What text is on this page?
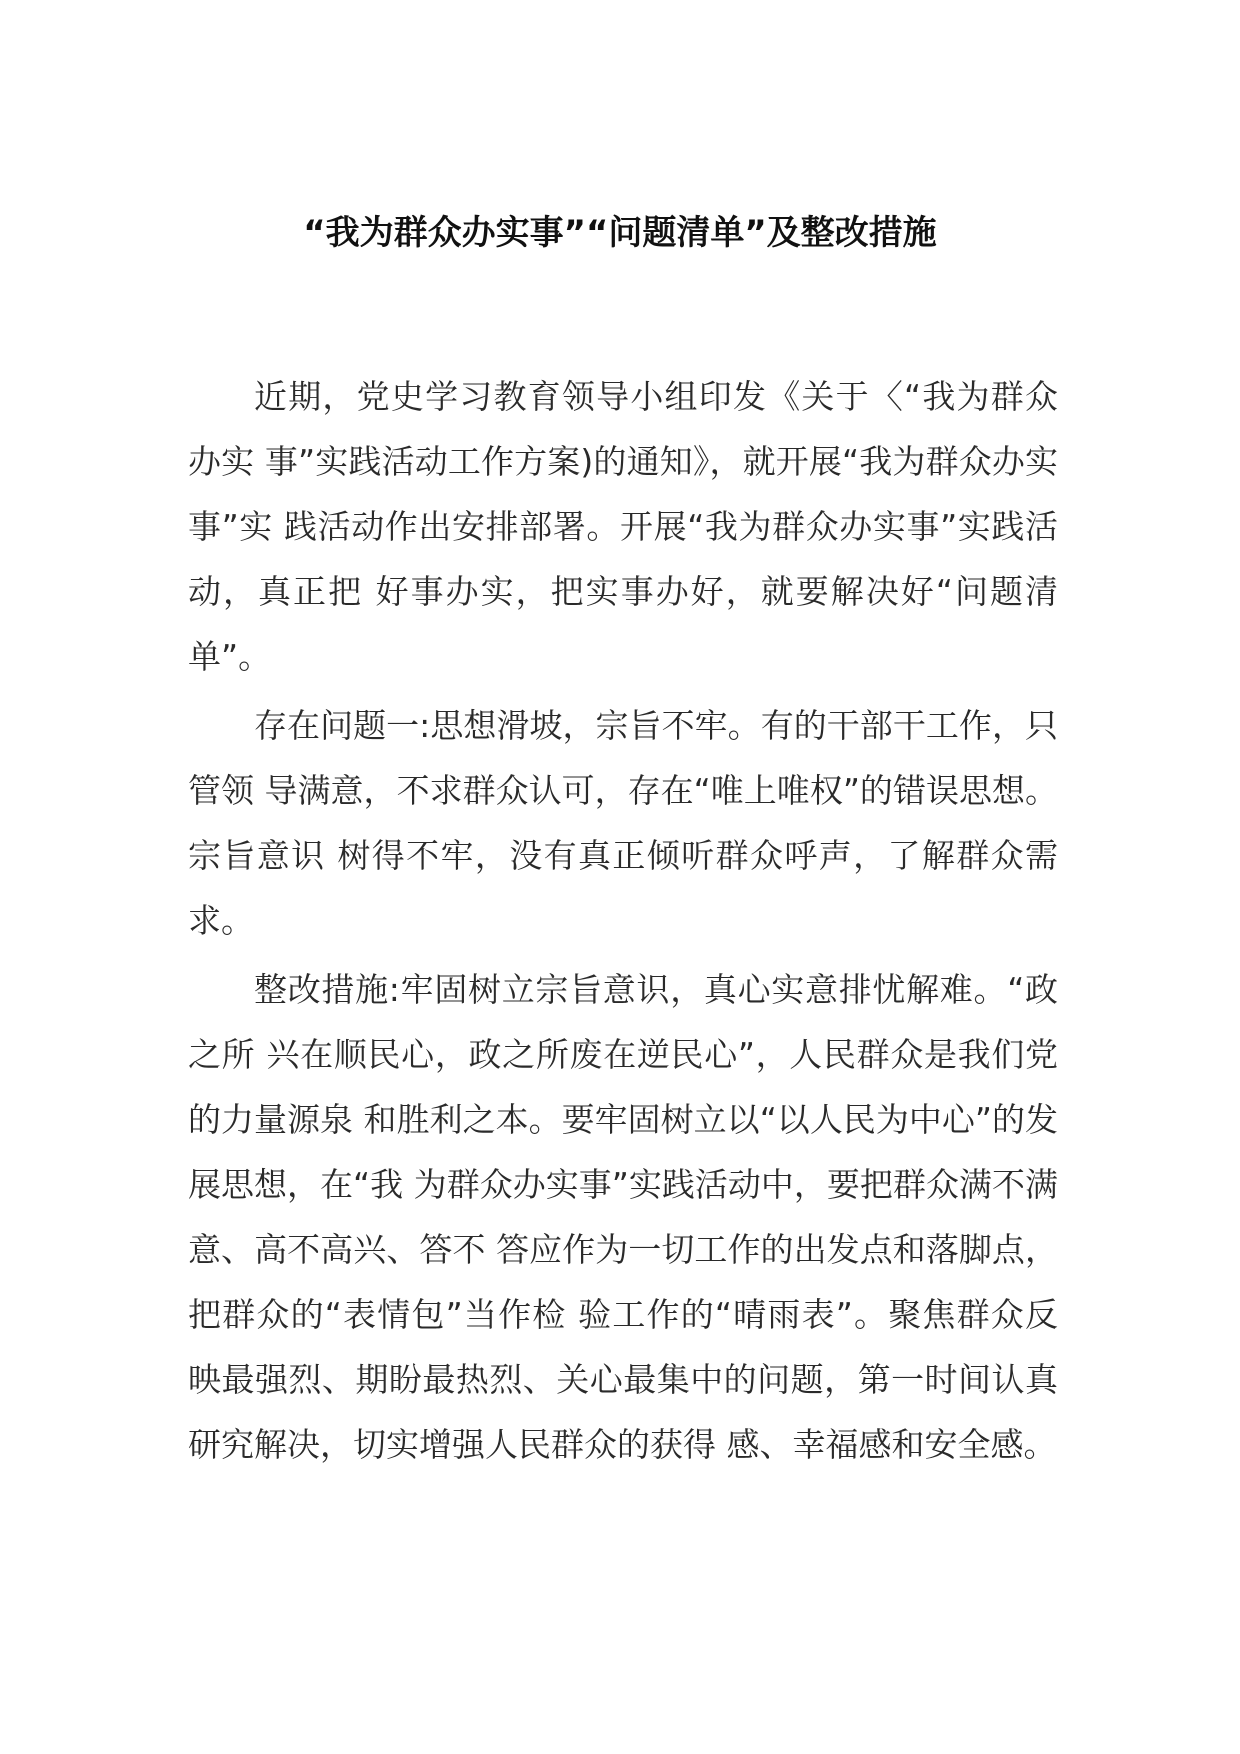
“我为群众办实事”“问题清单”及整改措施

近期，党史学习教育领导小组印发《关于〈“我为群众办实 事”实践活动工作方案)的通知》，就开展“我为群众办实事”实 践活动作出安排部署。开展“我为群众办实事”实践活动，真正把 好事办实，把实事办好，就要解决好“问题清单”。

存在问题一:思想滑坡，宗旨不牢。有的干部干工作，只管领 导满意，不求群众认可，存在“唯上唯权”的错误思想。宗旨意识 树得不牢，没有真正倾听群众呼声，了解群众需求。

整改措施:牢固树立宗旨意识，真心实意排忧解难。“政之所 兴在顺民心，政之所废在逆民心”，人民群众是我们党的力量源泉 和胜利之本。要牢固树立以“以人民为中心”的发展思想，在“我 为群众办实事”实践活动中，要把群众满不满意、高不高兴、答不 答应作为一切工作的出发点和落脚点，把群众的“表情包”当作检 验工作的“晴雨表”。聚焦群众反映最强烈、期盼最热烈、关心最集中的问题，第一时间认真研究解决，切实增强人民群众的获得 感、幸福感和安全感。
